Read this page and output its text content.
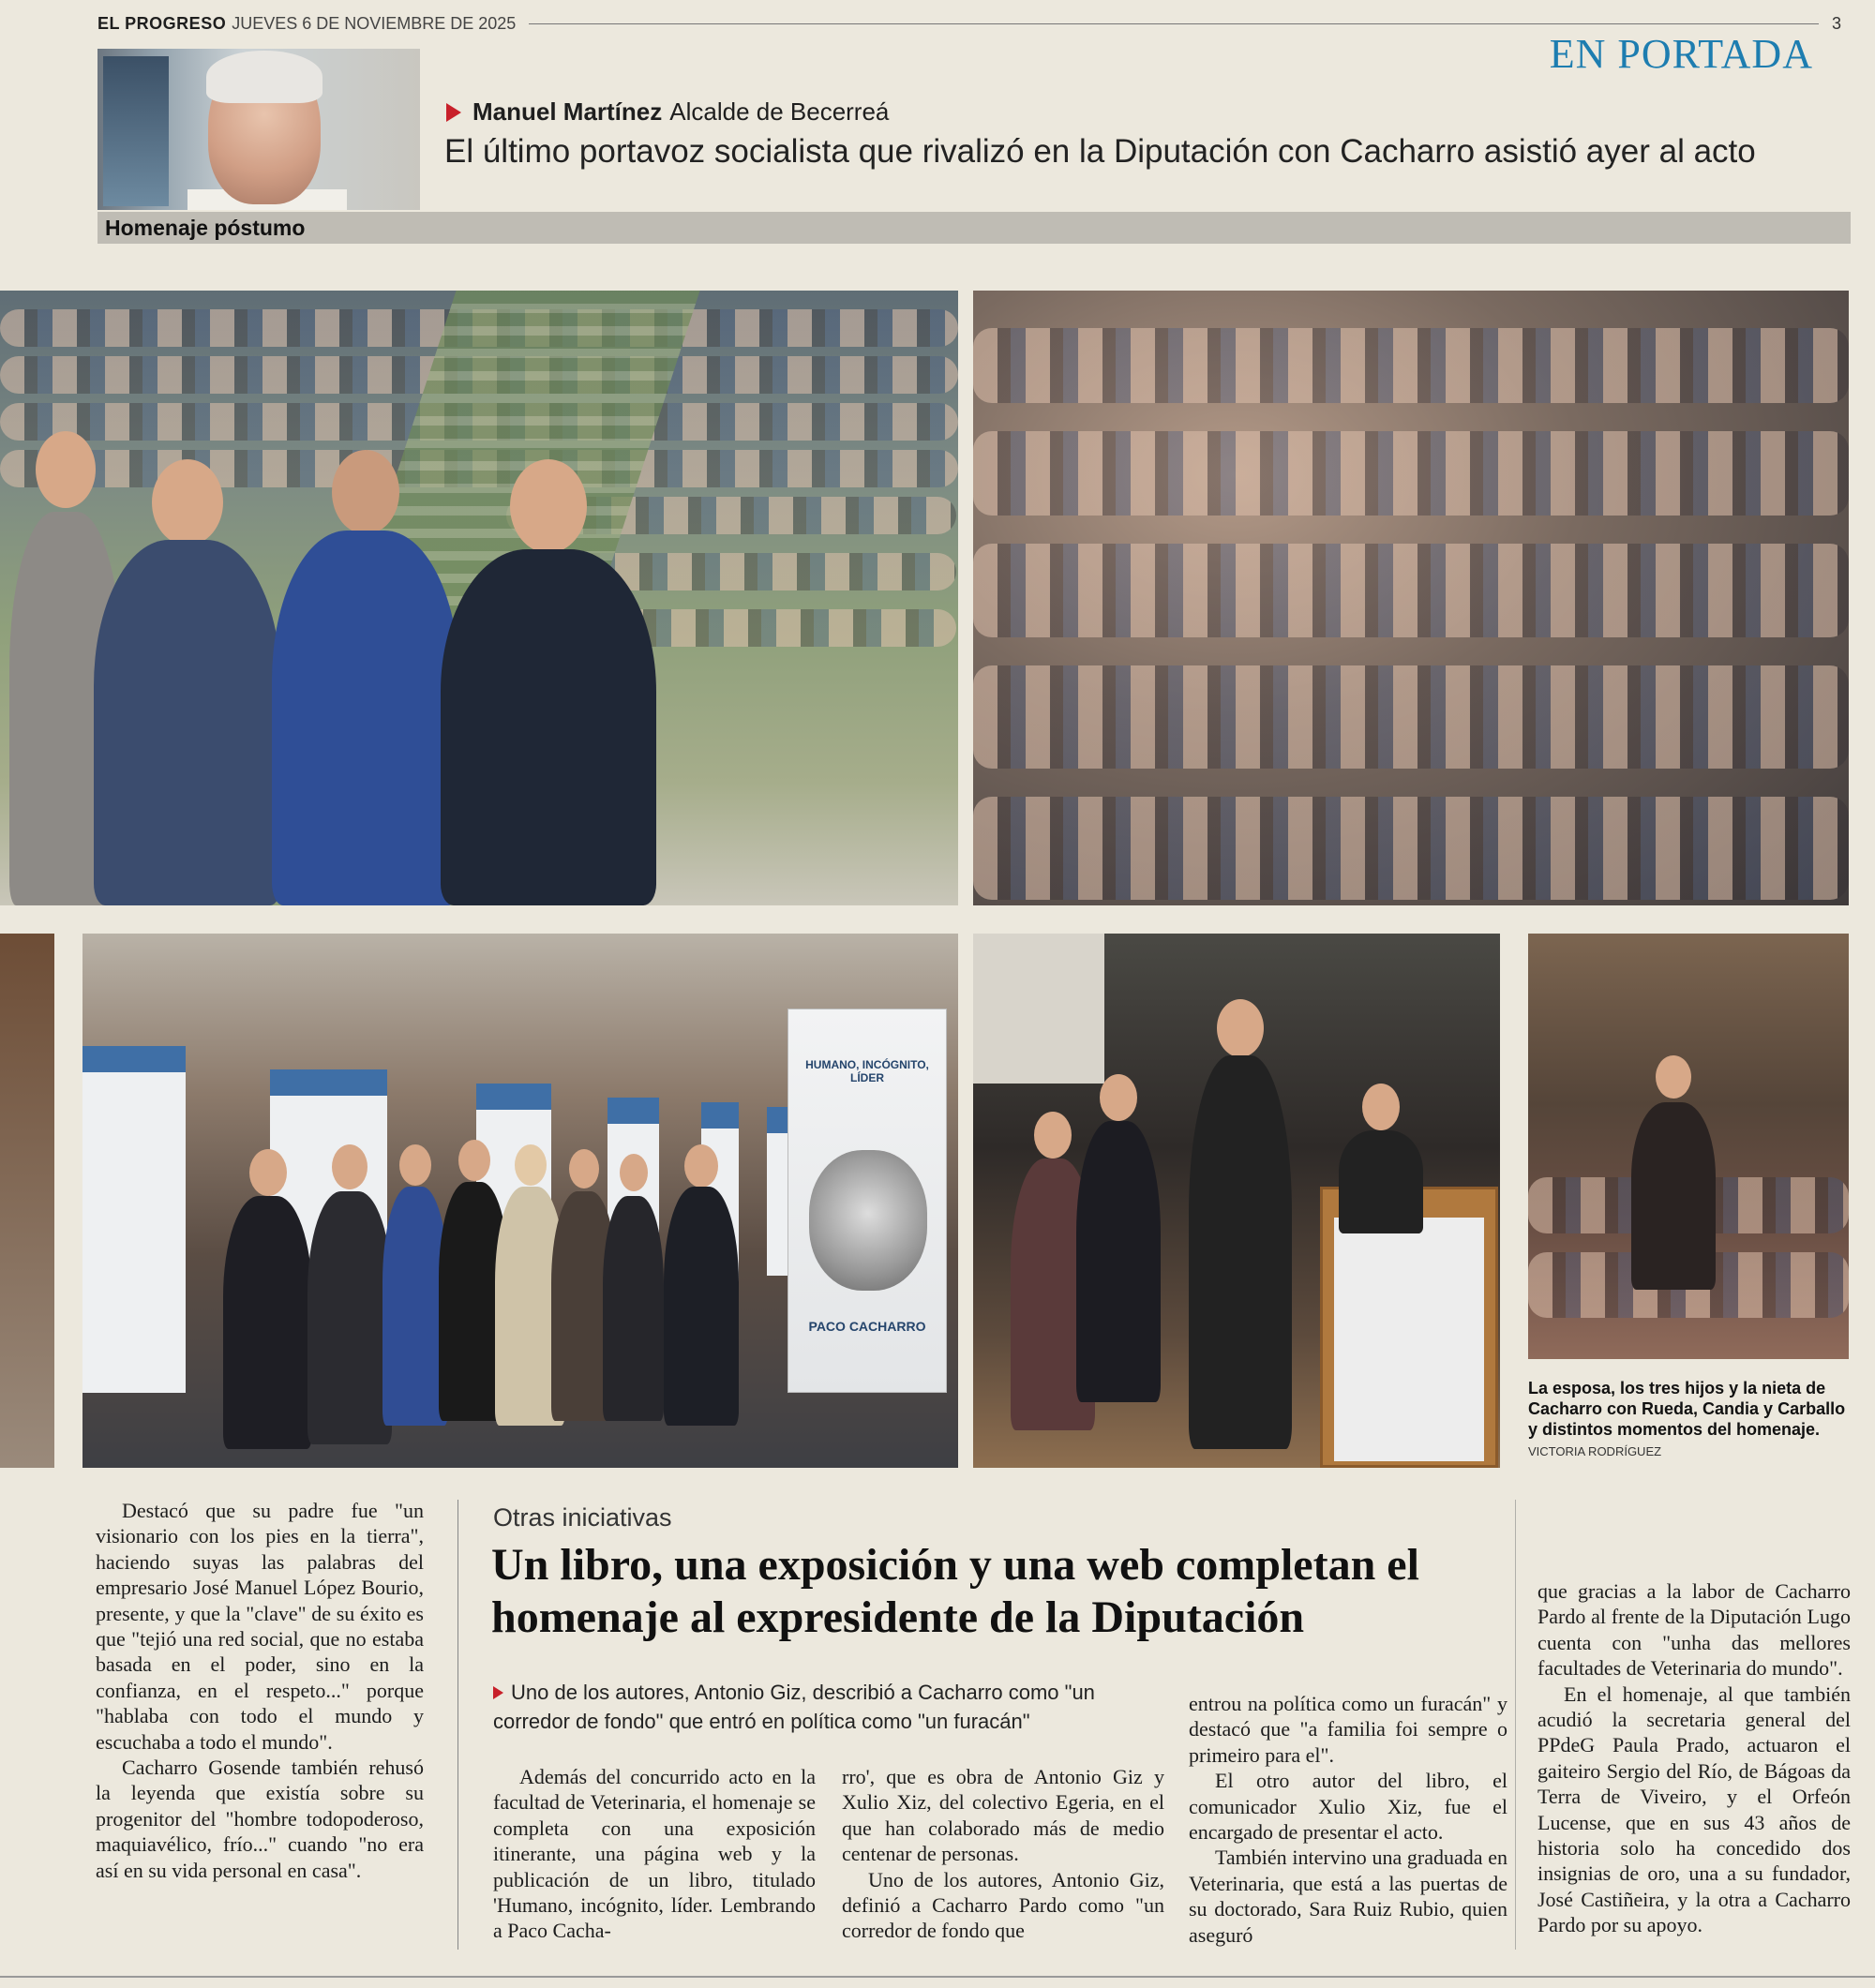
EL PROGRESO JUEVES 6 DE NOVIEMBRE DE 2025	3
EN PORTADA
Manuel Martínez Alcalde de Becerreá
El último portavoz socialista que rivalizó en la Diputación con Cacharro asistió ayer al acto
Homenaje póstumo
HUMANO, INCÓGNITO, LÍDER
PACO CACHARRO
La esposa, los tres hijos y la nieta de Cacharro con Rueda, Candia y Carballo y distintos momentos del homenaje. VICTORIA RODRÍGUEZ

Destacó que su padre fue "un visionario con los pies en la tierra", haciendo suyas las palabras del empresario José Manuel López Bourio, presente, y que la "clave" de su éxito es que "tejió una red social, que no estaba basada en el poder, sino en la confianza, en el respeto..." porque "hablaba con todo el mundo y escuchaba a todo el mundo".

Cacharro Gosende también rehusó la leyenda que existía sobre su progenitor del "hombre todopoderoso, maquiavélico, frío..." cuando "no era así en su vida personal en casa".

Otras iniciativas
Un libro, una exposición y una web completan el homenaje al expresidente de la Diputación
Uno de los autores, Antonio Giz, describió a Cacharro como "un corredor de fondo" que entró en política como "un furacán"

Además del concurrido acto en la facultad de Veterinaria, el homenaje se completa con una exposición itinerante, una página web y la publicación de un libro, titulado 'Humano, incógnito, líder. Lembrando a Paco Cacha-

rro', que es obra de Antonio Giz y Xulio Xiz, del colectivo Egeria, en el que han colaborado más de medio centenar de personas.

Uno de los autores, Antonio Giz, definió a Cacharro Pardo como "un corredor de fondo que

entrou na política como un furacán" y destacó que "a familia foi sempre o primeiro para el".

El otro autor del libro, el comunicador Xulio Xiz, fue el encargado de presentar el acto.

También intervino una graduada en Veterinaria, que está a las puertas de su doctorado, Sara Ruiz Rubio, quien aseguró

que gracias a la labor de Cacharro Pardo al frente de la Diputación Lugo cuenta con "unha das mellores facultades de Veterinaria do mundo".

En el homenaje, al que también acudió la secretaria general del PPdeG Paula Prado, actuaron el gaiteiro Sergio del Río, de Bágoas da Terra de Viveiro, y el Orfeón Lucense, que en sus 43 años de historia solo ha concedido dos insignias de oro, una a su fundador, José Castiñeira, y la otra a Cacharro Pardo por su apoyo.
